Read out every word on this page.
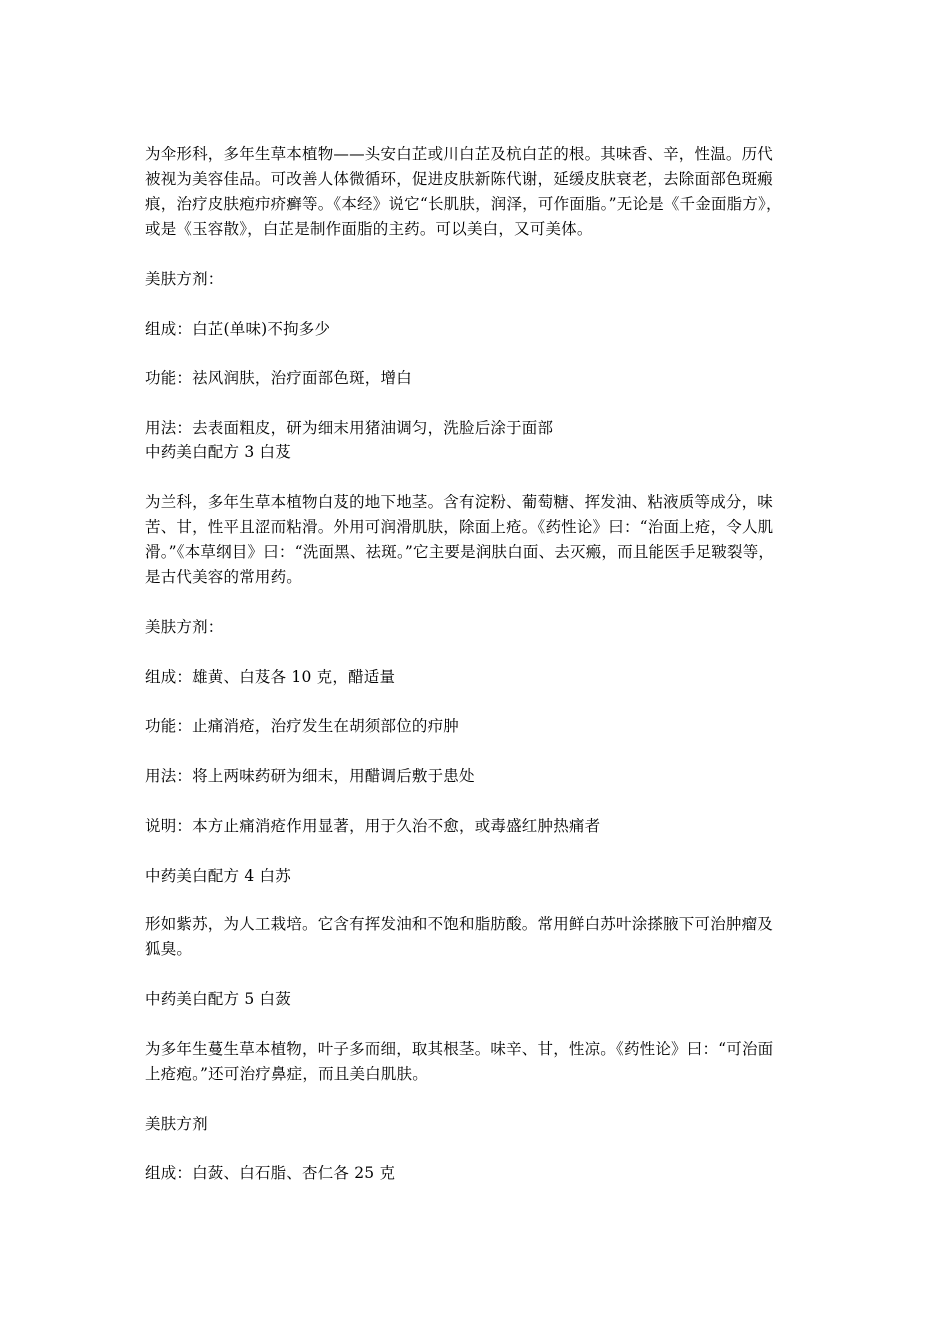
为伞形科，多年生草本植物——头安白芷或川白芷及杭白芷的根。其味香、辛，性温。历代

被视为美容佳品。可改善人体微循环，促进皮肤新陈代谢，延缓皮肤衰老，去除面部色斑瘢

痕，治疗皮肤疱疖疥癣等。《本经》说它“长肌肤，润泽，可作面脂。”无论是《千金面脂方》，

或是《玉容散》，白芷是制作面脂的主药。可以美白，又可美体。

美肤方剂：

组成：白芷(单味)不拘多少

功能：祛风润肤，治疗面部色斑，增白

用法：去表面粗皮，研为细末用猪油调匀，洗脸后涂于面部

中药美白配方 3 白芨

为兰科，多年生草本植物白芨的地下地茎。含有淀粉、葡萄糖、挥发油、粘液质等成分，味

苦、甘，性平且涩而粘滑。外用可润滑肌肤，除面上疮。《药性论》曰：“治面上疮，令人肌

滑。”《本草纲目》曰：“洗面黑、祛斑。”它主要是润肤白面、去灭瘢，而且能医手足皲裂等，

是古代美容的常用药。

美肤方剂：

组成：雄黄、白芨各 10 克，醋适量

功能：止痛消疮，治疗发生在胡须部位的疖肿

用法：将上两味药研为细末，用醋调后敷于患处

说明：本方止痛消疮作用显著，用于久治不愈，或毒盛红肿热痛者

中药美白配方 4 白苏

形如紫苏，为人工栽培。它含有挥发油和不饱和脂肪酸。常用鲜白苏叶涂搽腋下可治肿瘤及

狐臭。

中药美白配方 5 白蔹

为多年生蔓生草本植物，叶子多而细，取其根茎。味辛、甘，性凉。《药性论》曰：“可治面

上疮疱。”还可治疗鼻症，而且美白肌肤。

美肤方剂

组成：白蔹、白石脂、杏仁各 25 克
